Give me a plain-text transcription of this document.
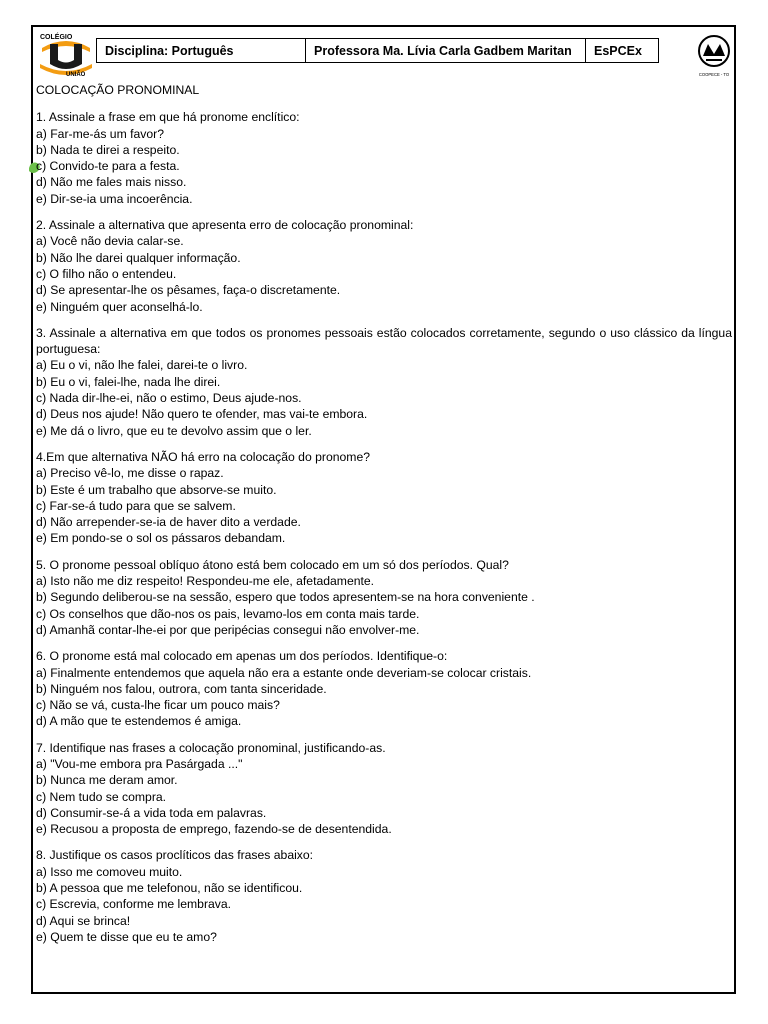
COLÉGIO
UNIÃO
Disciplina: Português	Professora Ma. Lívia Carla Gadbem Maritan	EsPCEx
COOPECE - TO

COLOCAÇÃO PRONOMINAL

1. Assinale a frase em que há pronome enclítico:

a) Far-me-ás um favor?

b) Nada te direi a respeito.

c) Convido-te para a festa.

d) Não me fales mais nisso.

e) Dir-se-ia uma incoerência.

2. Assinale a alternativa que apresenta erro de colocação pronominal:

a) Você não devia calar-se.

b) Não lhe darei qualquer informação.

c) O filho não o entendeu.

d) Se apresentar-lhe os pêsames, faça-o discretamente.

e) Ninguém quer aconselhá-lo.

3. Assinale a alternativa em que todos os pronomes pessoais estão colocados corretamente, segundo o uso clássico da língua portuguesa:

a) Eu o vi, não lhe falei, darei-te o livro.

b) Eu o vi, falei-lhe, nada lhe direi.

c) Nada dir-lhe-ei, não o estimo, Deus ajude-nos.

d) Deus nos ajude! Não quero te ofender, mas vai-te embora.

e) Me dá o livro, que eu te devolvo assim que o ler.

4.Em que alternativa NÃO há erro na colocação do pronome?

a) Preciso vê-lo, me disse o rapaz.

b) Este é um trabalho que absorve-se muito.

c) Far-se-á tudo para que se salvem.

d) Não arrepender-se-ia de haver dito a verdade.

e) Em pondo-se o sol os pássaros debandam.

5. O pronome pessoal oblíquo átono está bem colocado em um só dos períodos. Qual?

a) Isto não me diz respeito! Respondeu-me ele, afetadamente.

b) Segundo deliberou-se na sessão, espero que todos apresentem-se na hora conveniente .

c) Os conselhos que dão-nos os pais, levamo-los em conta mais tarde.

d) Amanhã contar-lhe-ei por que peripécias consegui não envolver-me.

6. O pronome está mal colocado em apenas um dos períodos. Identifique-o:

a) Finalmente entendemos que aquela não era a estante onde deveriam-se colocar cristais.

b) Ninguém nos falou, outrora, com tanta sinceridade.

c) Não se vá, custa-lhe ficar um pouco mais?

d) A mão que te estendemos é amiga.

7. Identifique nas frases a colocação pronominal, justificando-as.

a) "Vou-me embora pra Pasárgada ..."

b) Nunca me deram amor.

c) Nem tudo se compra.

d) Consumir-se-á a vida toda em palavras.

e) Recusou a proposta de emprego, fazendo-se de desentendida.

8. Justifique os casos proclíticos das frases abaixo:

a) Isso me comoveu muito.

b) A pessoa que me telefonou, não se identificou.

c) Escrevia, conforme me lembrava.

d) Aqui se brinca!

e) Quem te disse que eu te amo?
